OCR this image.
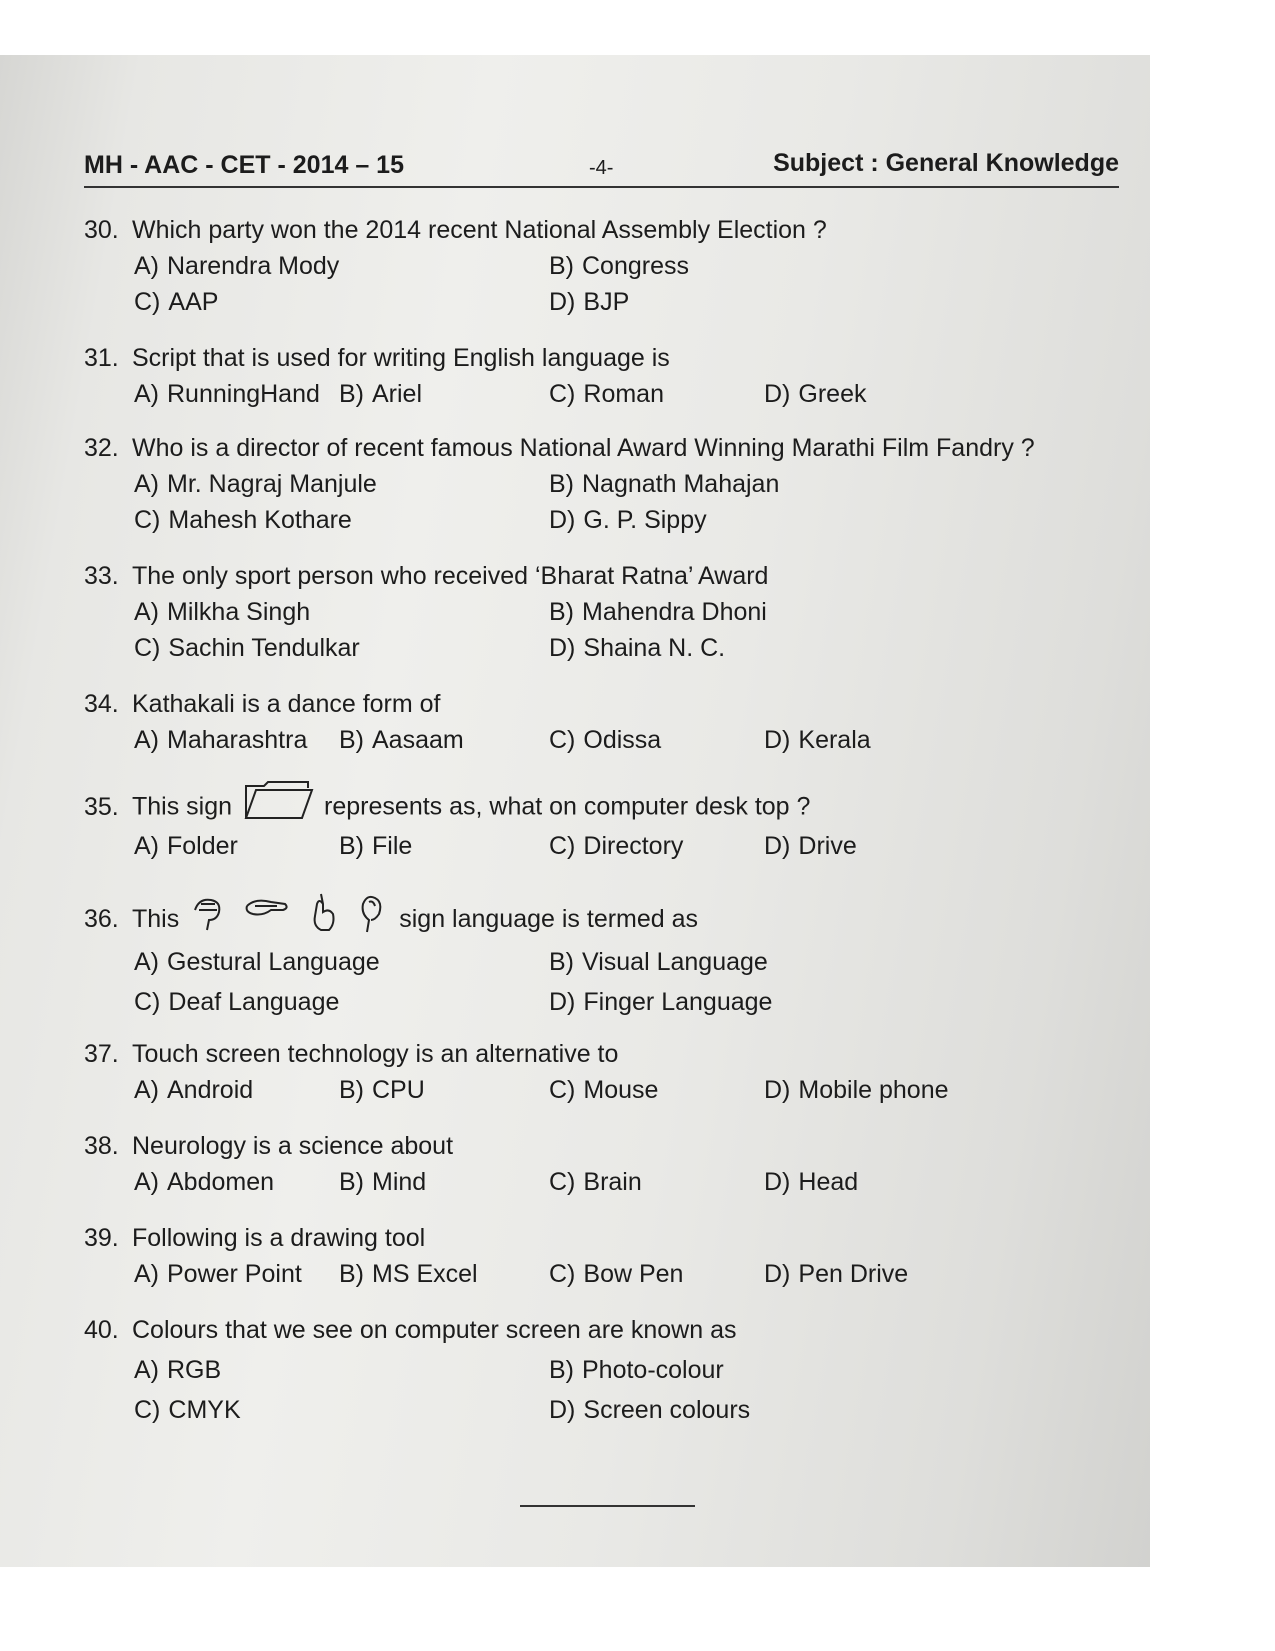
MH - AAC - CET - 2014 – 15	-4-	Subject : General Knowledge
30. Which party won the 2014 recent National Assembly Election ?
A) Narendra Mody	B) Congress
C) AAP	D) BJP
31. Script that is used for writing English language is
A) RunningHand B) Ariel	C) Roman	D) Greek
32. Who is a director of recent famous National Award Winning Marathi Film Fandry ?
A) Mr. Nagraj Manjule	B) Nagnath Mahajan
C) Mahesh Kothare	D) G. P. Sippy
33. The only sport person who received ‘Bharat Ratna’ Award
A) Milkha Singh	B) Mahendra Dhoni
C) Sachin Tendulkar	D) Shaina N. C.
34. Kathakali is a dance form of
A) Maharashtra B) Aasaam	C) Odissa	D) Kerala
35. This sign	represents as, what on computer desk top ?
A) Folder	B) File	C) Directory	D) Drive
36. This	sign language is termed as
A) Gestural Language	B) Visual Language
C) Deaf Language	D) Finger Language
37. Touch screen technology is an alternative to
A) Android	B) CPU	C) Mouse	D) Mobile phone
38. Neurology is a science about
A) Abdomen	B) Mind	C) Brain	D) Head
39. Following is a drawing tool
A) Power Point B) MS Excel	C) Bow Pen	D) Pen Drive
40. Colours that we see on computer screen are known as
A) RGB	B) Photo-colour
C) CMYK	D) Screen colours
